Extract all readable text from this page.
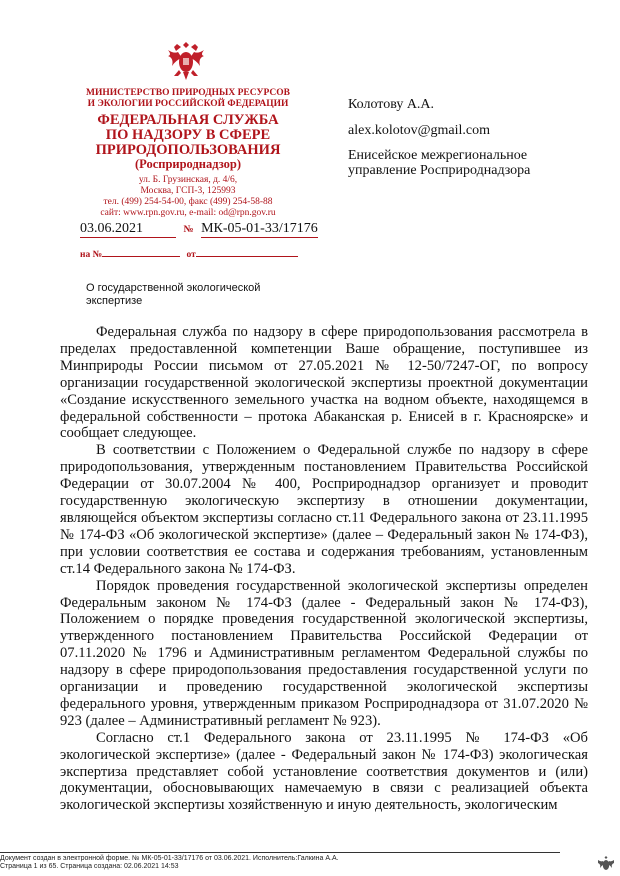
МИНИСТЕРСТВО ПРИРОДНЫХ РЕСУРСОВ
И ЭКОЛОГИИ РОССИЙСКОЙ ФЕДЕРАЦИИ
ФЕДЕРАЛЬНАЯ СЛУЖБА
ПО НАДЗОРУ В СФЕРЕ
ПРИРОДОПОЛЬЗОВАНИЯ
(Росприроднадзор)
ул. Б. Грузинская, д. 4/6,
Москва, ГСП-3, 125993
тел. (499) 254-54-00, факс (499) 254-58-88
сайт: www.rpn.gov.ru, e-mail: od@rpn.gov.ru
03.06.2021	№ МК-05-01-33/17176
на №	от
Колотову А.А.
alex.kolotov@gmail.com
Енисейское межрегиональное
управление Росприроднадзора
О государственной экологической
экспертизе

Федеральная служба по надзору в сфере природопользования рассмотрела в пределах предоставленной компетенции Ваше обращение, поступившее из Минприроды России письмом от 27.05.2021 № 12-50/7247-ОГ, по вопросу организации государственной экологической экспертизы проектной документации «Создание искусственного земельного участка на водном объекте, находящемся в федеральной собственности – протока Абаканская р. Енисей в г. Красноярске» и сообщает следующее.

В соответствии с Положением о Федеральной службе по надзору в сфере природопользования, утвержденным постановлением Правительства Российской Федерации от 30.07.2004 № 400, Росприроднадзор организует и проводит государственную экологическую экспертизу в отношении документации, являющейся объектом экспертизы согласно ст.11 Федерального закона от 23.11.1995 № 174-ФЗ «Об экологической экспертизе» (далее – Федеральный закон № 174-ФЗ), при условии соответствия ее состава и содержания требованиям, установленным ст.14 Федерального закона № 174-ФЗ.

Порядок проведения государственной экологической экспертизы определен Федеральным законом № 174-ФЗ (далее - Федеральный закон № 174-ФЗ), Положением о порядке проведения государственной экологической экспертизы, утвержденного постановлением Правительства Российской Федерации от 07.11.2020 № 1796 и Административным регламентом Федеральной службы по надзору в сфере природопользования предоставления государственной услуги по организации и проведению государственной экологической экспертизы федерального уровня, утвержденным приказом Росприроднадзора от 31.07.2020 № 923 (далее – Административный регламент № 923).

Согласно ст.1 Федерального закона от 23.11.1995 № 174-ФЗ «Об экологической экспертизе» (далее - Федеральный закон № 174-ФЗ) экологическая экспертиза представляет собой установление соответствия документов и (или) документации, обосновывающих намечаемую в связи с реализацией объекта экологической экспертизы хозяйственную и иную деятельность, экологическим

Документ создан в электронной форме. № МК-05-01-33/17176 от 03.06.2021. Исполнитель:Галкина А.А.
Страница 1 из 65. Страница создана: 02.06.2021 14:53
